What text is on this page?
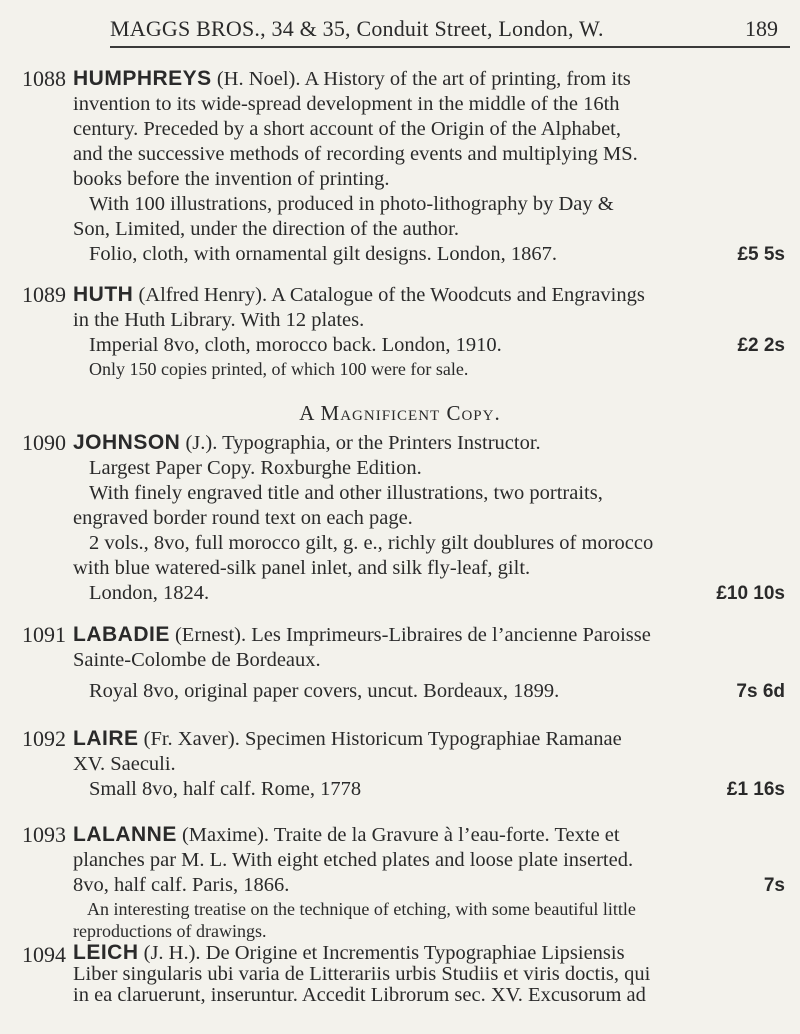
MAGGS BROS., 34 & 35, Conduit Street, London, W.	189
1088 HUMPHREYS (H. Noel). A History of the art of printing, from its
invention to its wide-spread development in the middle of the 16th
century. Preceded by a short account of the Origin of the Alphabet,
and the successive methods of recording events and multiplying MS.
books before the invention of printing.
With 100 illustrations, produced in photo-lithography by Day &
Son, Limited, under the direction of the author.
Folio, cloth, with ornamental gilt designs. London, 1867.	£5 5s
1089 HUTH (Alfred Henry). A Catalogue of the Woodcuts and Engravings
in the Huth Library. With 12 plates.
Imperial 8vo, cloth, morocco back. London, 1910.	£2 2s
Only 150 copies printed, of which 100 were for sale.
A Magnificent Copy.
1090 JOHNSON (J.). Typographia, or the Printers Instructor.
Largest Paper Copy. Roxburghe Edition.
With finely engraved title and other illustrations, two portraits,
engraved border round text on each page.
2 vols., 8vo, full morocco gilt, g. e., richly gilt doublures of morocco
with blue watered-silk panel inlet, and silk fly-leaf, gilt.
London, 1824.	£10 10s
1091 LABADIE (Ernest). Les Imprimeurs-Libraires de l’ancienne Paroisse
Sainte-Colombe de Bordeaux.
Royal 8vo, original paper covers, uncut. Bordeaux, 1899.	7s 6d
1092 LAIRE (Fr. Xaver). Specimen Historicum Typographiae Ramanae
XV. Saeculi.
Small 8vo, half calf. Rome, 1778	£1 16s
1093 LALANNE (Maxime). Traite de la Gravure à l’eau-forte. Texte et
planches par M. L. With eight etched plates and loose plate inserted.
8vo, half calf. Paris, 1866.	7s
An interesting treatise on the technique of etching, with some beautiful little
reproductions of drawings.
1094 LEICH (J. H.). De Origine et Incrementis Typographiae Lipsiensis
Liber singularis ubi varia de Litterariis urbis Studiis et viris doctis, qui
in ea claruerunt, inseruntur. Accedit Librorum sec. XV. Excusorum ad
